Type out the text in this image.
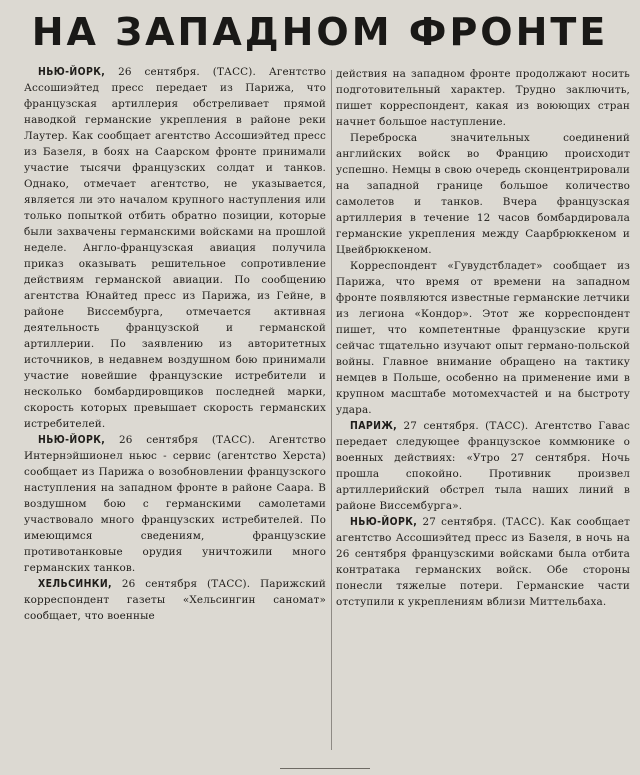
НА ЗАПАДНОМ ФРОНТЕ

НЬЮ-ЙОРК, 26 сентября. (ТАСС). Агентство Ассошиэйтед пресс передает из Парижа, что французская артиллерия обстреливает прямой наводкой германские укрепления в районе реки Лаутер. Как сообщает агентство Ассошиэйтед пресс из Базеля, в боях на Саарском фронте принимали участие тысячи французских солдат и танков. Однако, отмечает агентство, не указывается, является ли это началом крупного наступления или только попыткой отбить обратно позиции, которые были захвачены германскими войсками на прошлой неделе. Англо-французская авиация получила приказ оказывать решительное сопротивление действиям германской авиации. По сообщению агентства Юнайтед пресс из Парижа, из Гейне, в районе Виссембурга, отмечается активная деятельность французской и германской артиллерии. По заявлению из авторитетных источников, в недавнем воздушном бою принимали участие новейшие французские истребители и несколько бомбардировщиков последней марки, скорость которых превышает скорость германских истребителей.

НЬЮ-ЙОРК, 26 сентября (ТАСС). Агентство Интернэйшионел ньюс - сервис (агентство Херста) сообщает из Парижа о возобновлении французского наступления на западном фронте в районе Саара. В воздушном бою с германскими самолетами участвовало много французских истребителей. По имеющимся сведениям, французские противотанковые орудия уничтожили много германских танков.

ХЕЛЬСИНКИ, 26 сентября (ТАСС). Парижский корреспондент газеты «Хельсингин саномат» сообщает, что военные

действия на западном фронте продолжают носить подготовительный характер. Трудно заключить, пишет корреспондент, какая из воюющих стран начнет большое наступление.

Переброска значительных соединений английских войск во Францию происходит успешно. Немцы в свою очередь сконцентрировали на западной границе большое количество самолетов и танков. Вчера французская артиллерия в течение 12 часов бомбардировала германские укрепления между Саарбрюккеном и Цвейбрюккеном.

Корреспондент «Гувудстбладет» сообщает из Парижа, что время от времени на западном фронте появляются известные германские летчики из легиона «Кондор». Этот же корреспондент пишет, что компетентные французские круги сейчас тщательно изучают опыт германо-польской войны. Главное внимание обращено на тактику немцев в Польше, особенно на применение ими в крупном масштабе мотомехчастей и на быстроту удара.

ПАРИЖ, 27 сентября. (ТАСС). Агентство Гавас передает следующее французское коммюнике о военных действиях: «Утро 27 сентября. Ночь прошла спокойно. Противник произвел артиллерийский обстрел тыла наших линий в районе Виссембурга».

НЬЮ-ЙОРК, 27 сентября. (ТАСС). Как сообщает агентство Ассошиэйтед пресс из Базеля, в ночь на 26 сентября французскими войсками была отбита контратака германских войск. Обе стороны понесли тяжелые потери. Германские части отступили к укреплениям вблизи Миттельбаха.
